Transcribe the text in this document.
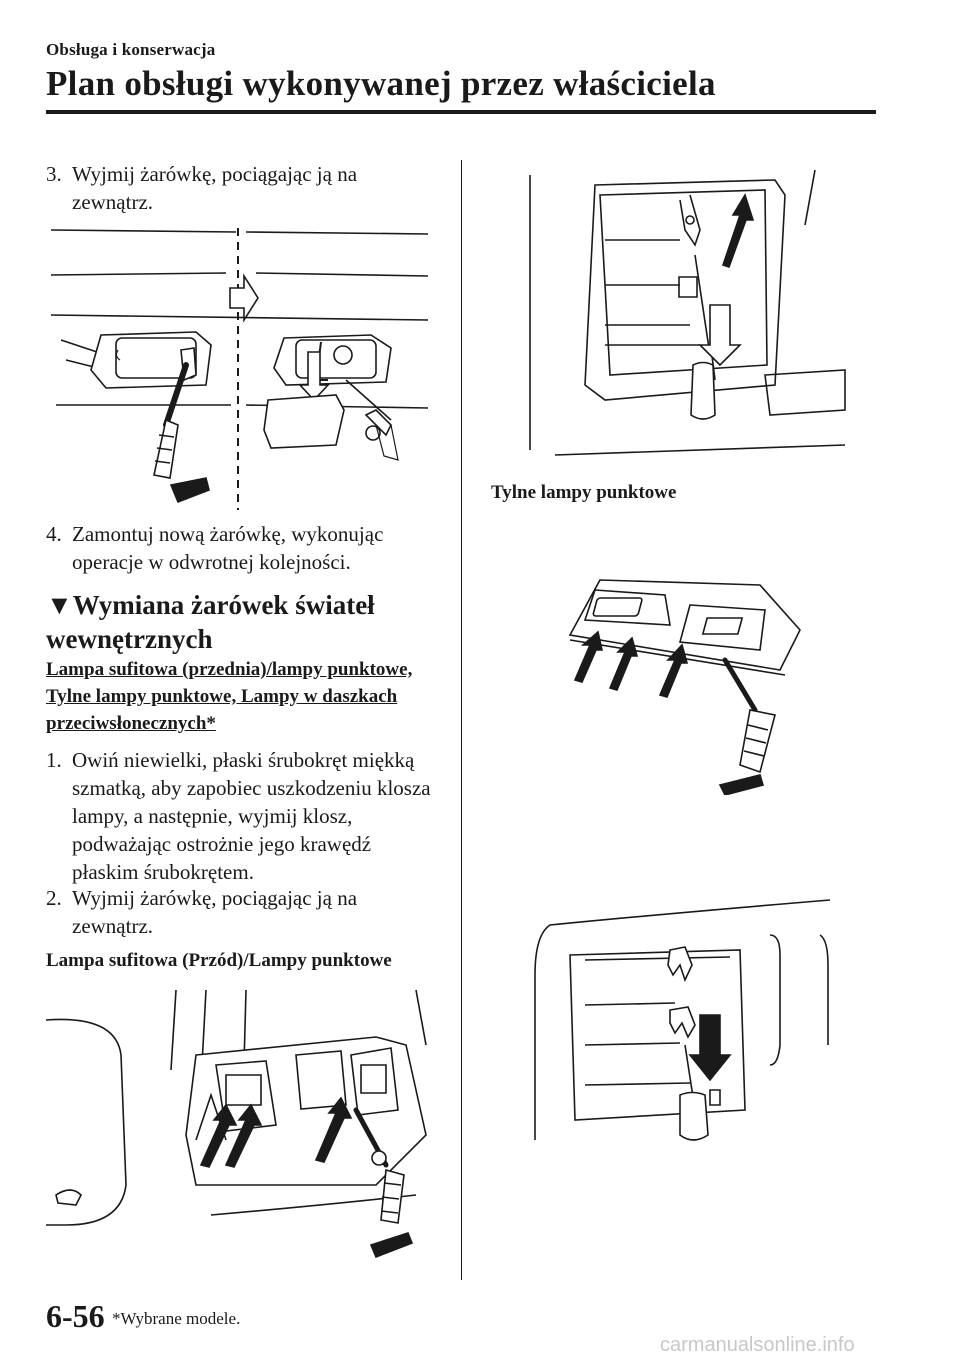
Obsługa i konserwacja
Plan obsługi wykonywanej przez właściciela
3. Wyjmij żarówkę, pociągając ją na zewnątrz.
4. Zamontuj nową żarówkę, wykonując operacje w odwrotnej kolejności.
▼Wymiana żarówek świateł wewnętrznych
Lampa sufitowa (przednia)/lampy punktowe, Tylne lampy punktowe, Lampy w daszkach przeciwsłonecznych*
1. Owiń niewielki, płaski śrubokręt miękką szmatką, aby zapobiec uszkodzeniu klosza lampy, a następnie, wyjmij klosz, podważając ostrożnie jego krawędź płaskim śrubokrętem.
2. Wyjmij żarówkę, pociągając ją na zewnątrz.
Lampa sufitowa (Przód)/Lampy punktowe
Tylne lampy punktowe
6-56 *Wybrane modele.
carmanualsonline.info
